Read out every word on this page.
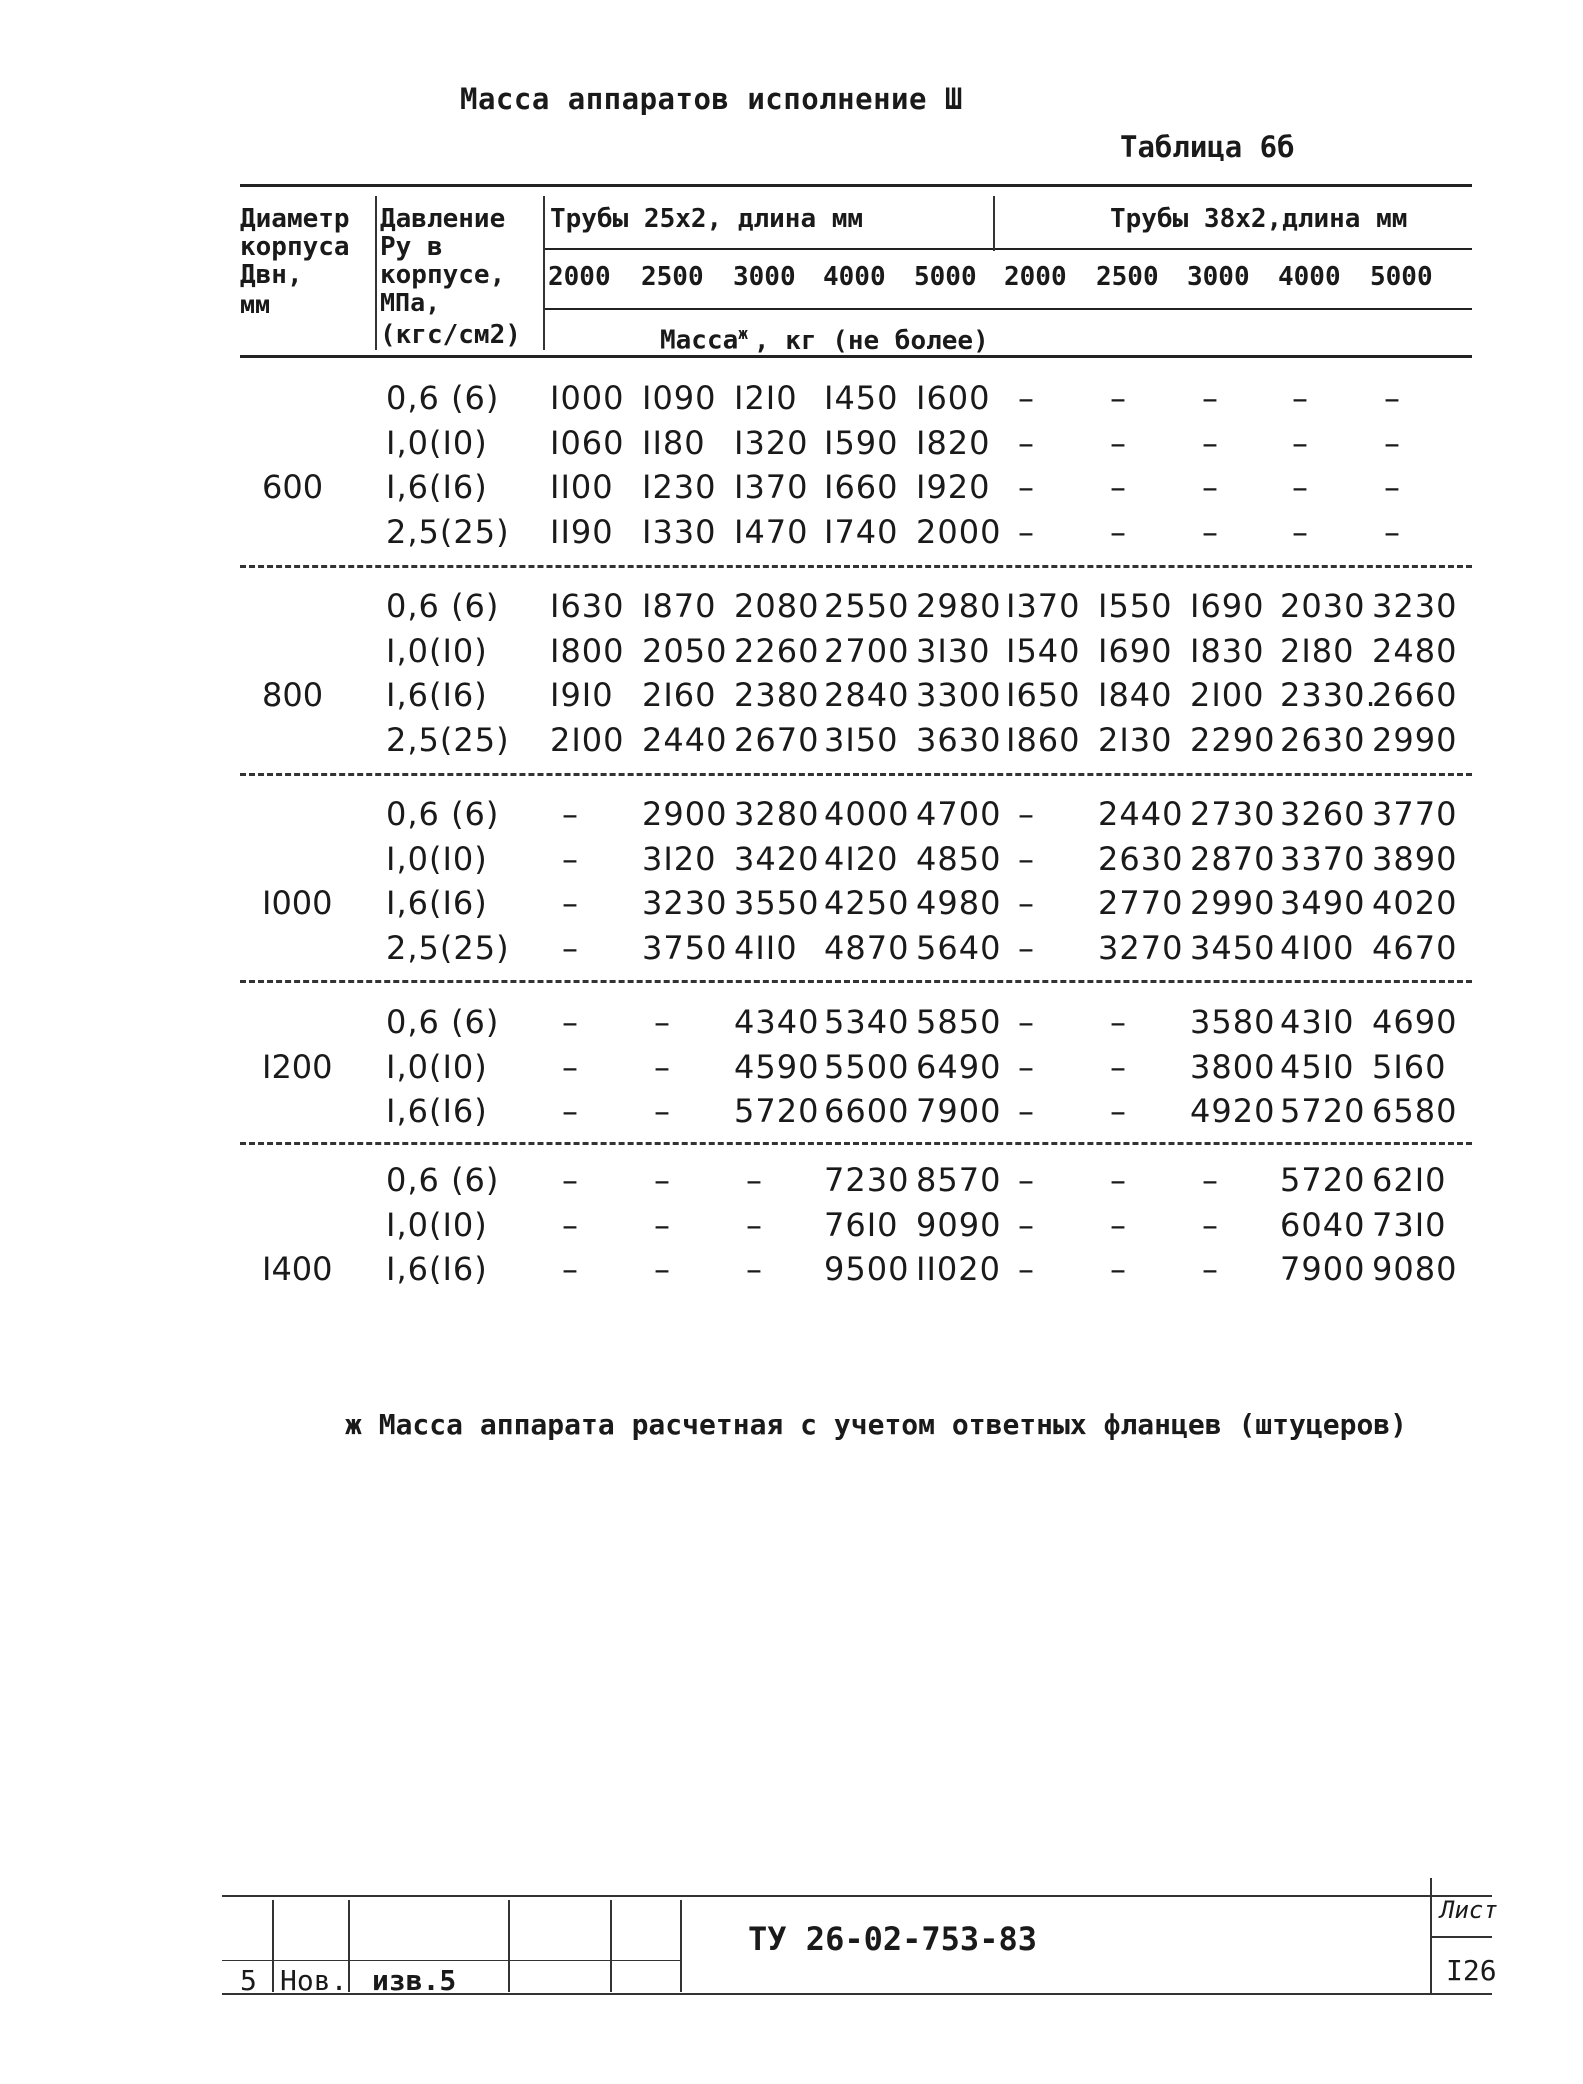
Масса аппаратов исполнение Ш
Таблица 6б
Диаметр
корпуса
Двн,
мм
Давление
Ру в
корпусе,
МПа,
(кгс/см2)
Трубы 25х2, длина мм	Трубы 38х2,длина мм
2000 2500 3000 4000 5000 2000 2500 3000 4000 5000
Масса$^ж$ , кг (не более)
600
0,6 (6) I000 I090 I2I0 I450 I600 – – – – –
I,0(I0) I060 II80 I320 I590 I820 – – – – –
I,6(I6) II00 I230 I370 I660 I920 – – – – –
2,5(25) II90 I330 I470 I740 2000 – – – – –
800
0,6 (6) I630 I870 2080 2550 2980 I370 I550 I690 2030 3230
I,0(I0) I800 2050 2260 2700 3I30 I540 I690 I830 2I80 2480
I,6(I6) I9I0 2I60 2380 2840 3300 I650 I840 2I00 2330.
2660
2,5(25) 2I00 2440 2670 3I50 3630 I860 2I30 2290 2630 2990
I000
0,6 (6) – 2900 3280 4000 4700 – 2440 2730 3260 3770
I,0(I0) – 3I20 3420 4I20 4850 – 2630 2870 3370 3890
I,6(I6) – 3230 3550 4250 4980 – 2770 2990 3490 4020
2,5(25) – 3750 4II0 4870 5640 – 3270 3450 4I00 4670
I200
0,6 (6) – – 4340 5340 5850 – – 3580 43I0 4690
I,0(I0) – – 4590 5500 6490 – – 3800 45I0 5I60
I,6(I6) – – 5720 6600 7900 – – 4920 5720 6580
I400
0,6 (6) – – – 7230 8570 – – – 5720 62I0
I,0(I0) – – – 76I0 9090 – – – 6040 73I0
I,6(I6) – – – 9500 II020 – – – 7900 9080
ж Масса аппарата расчетная с учетом ответных фланцев (штуцеров)
5 Нов. изв.5
ТУ 26-02-753-83
Лист
I26
